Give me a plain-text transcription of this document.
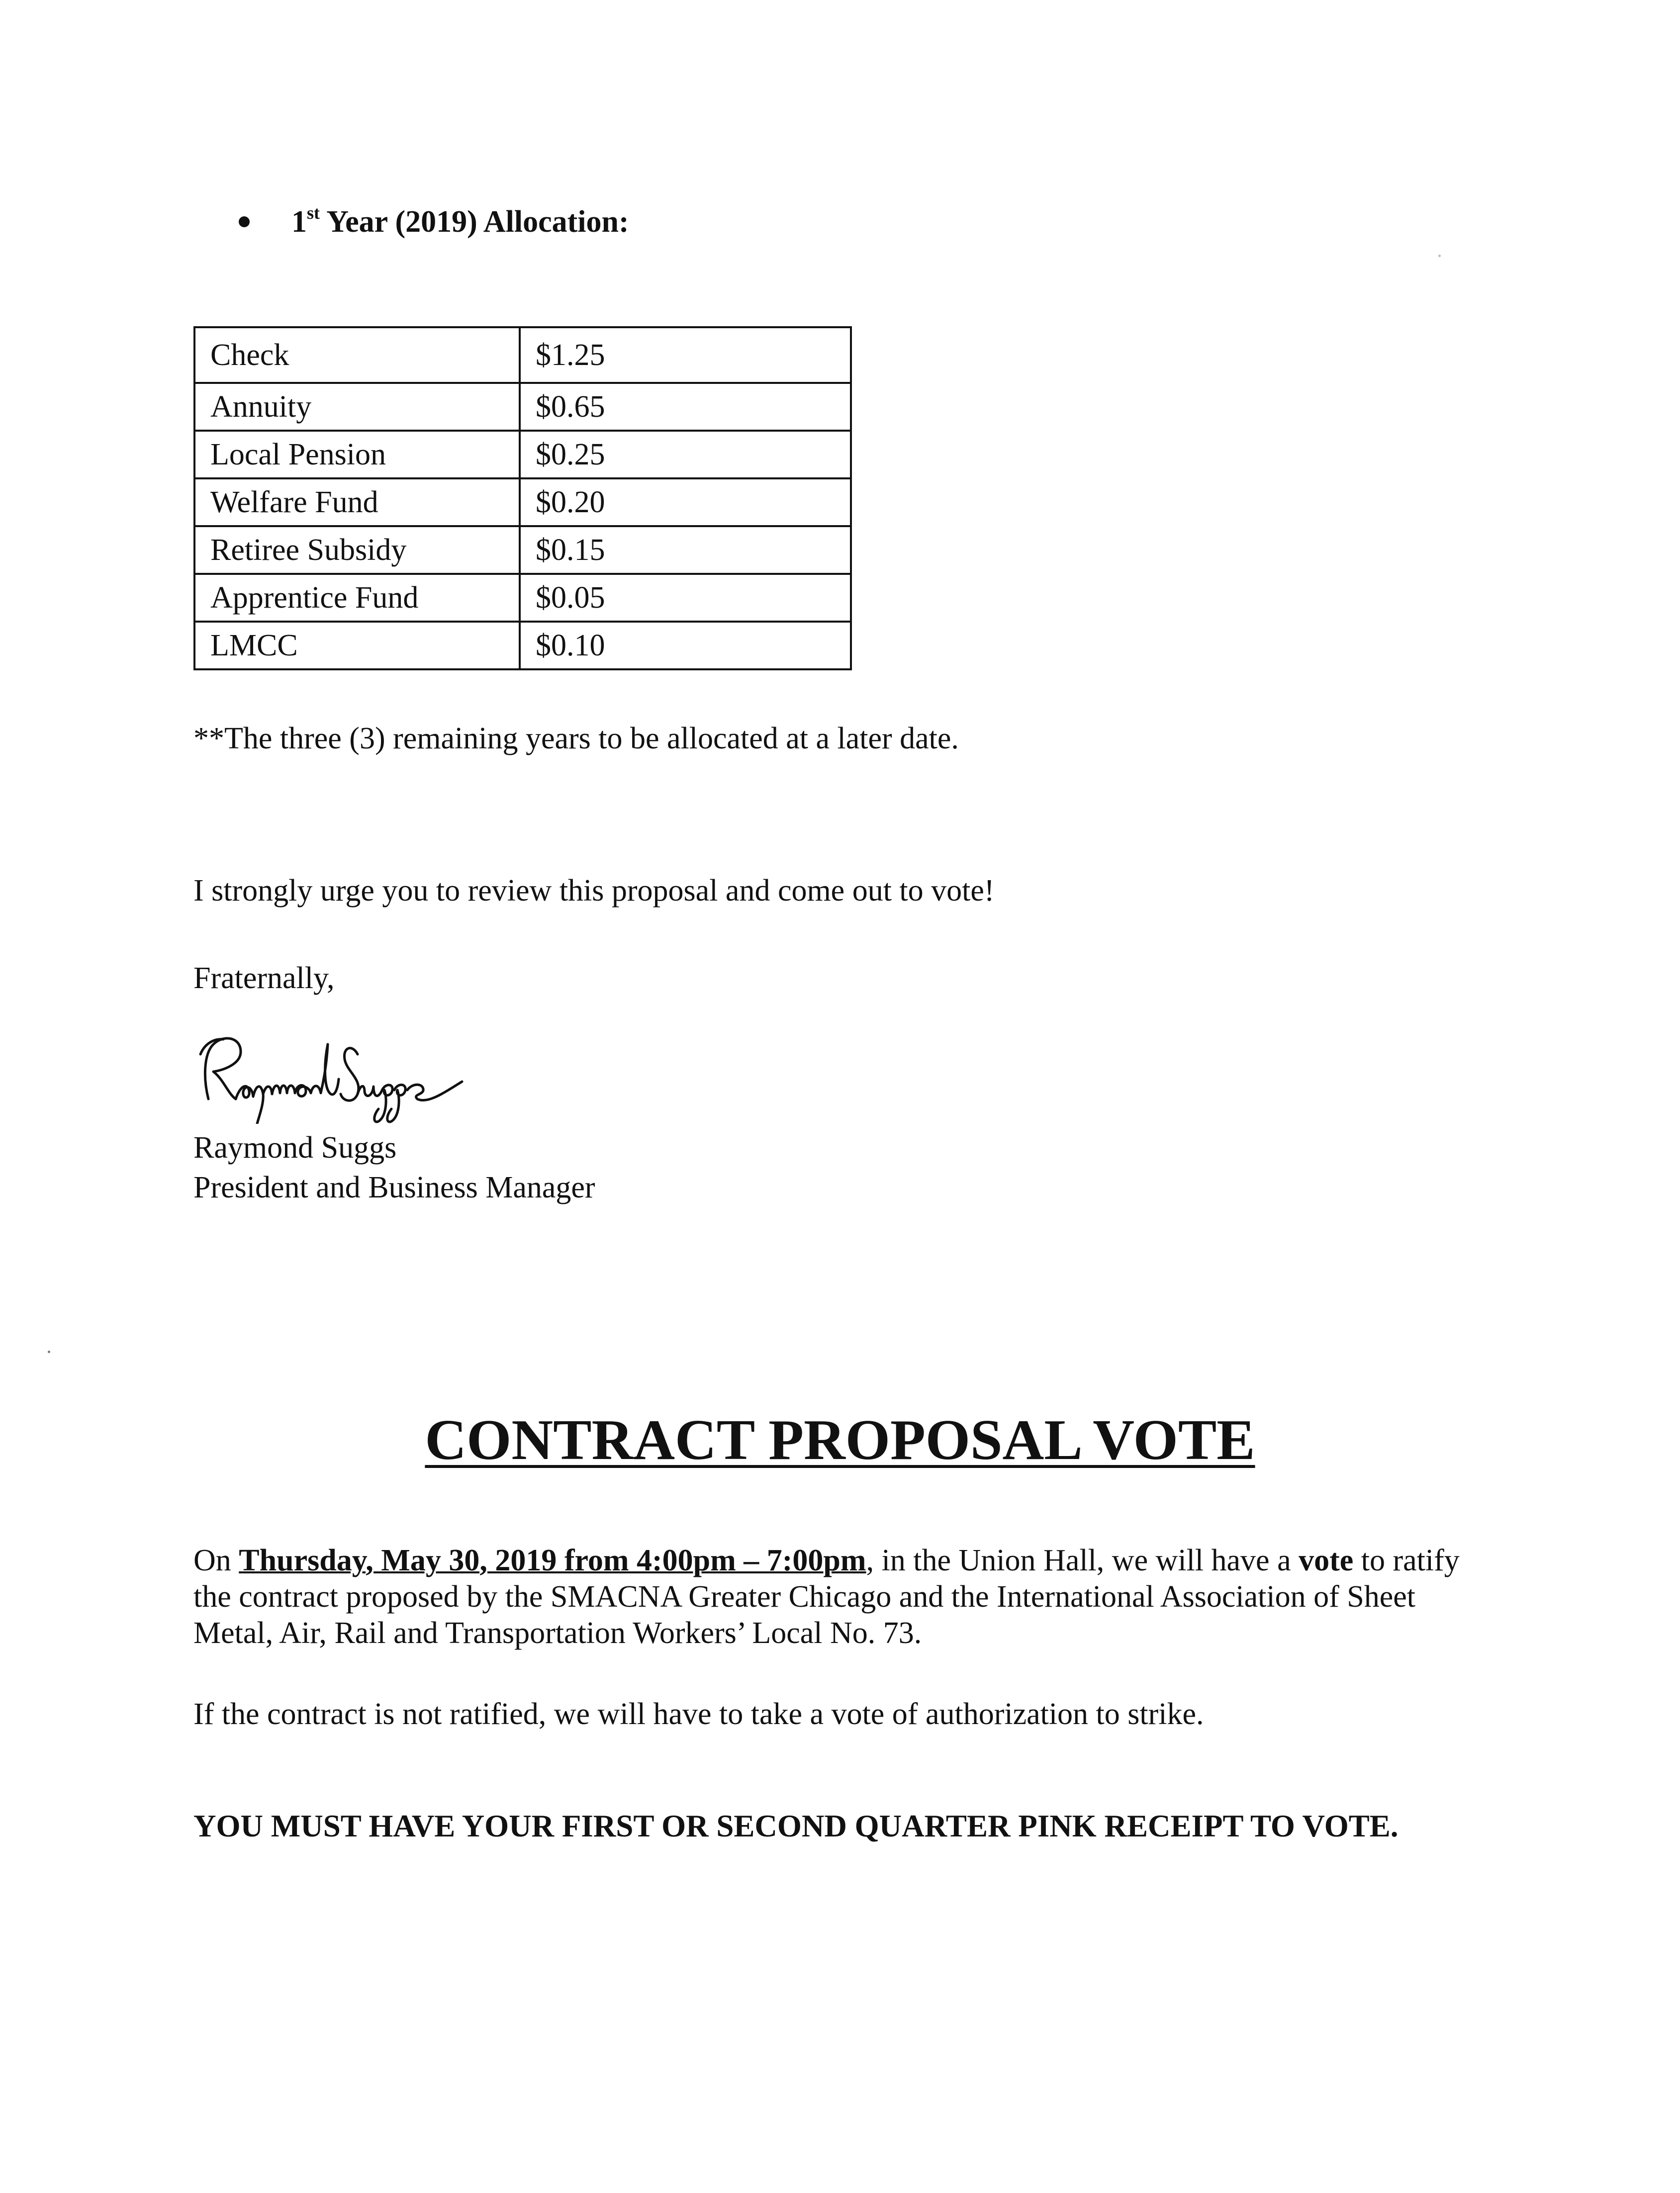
1st Year (2019) Allocation:
Check	$1.25
Annuity	$0.65
Local Pension	$0.25
Welfare Fund	$0.20
Retiree Subsidy	$0.15
Apprentice Fund	$0.05
LMCC	$0.10
**The three (3) remaining years to be allocated at a later date.
I strongly urge you to review this proposal and come out to vote!
Fraternally,
Raymond Suggs
President and Business Manager
CONTRACT PROPOSAL VOTE
On Thursday, May 30, 2019 from 4:00pm – 7:00pm, in the Union Hall, we will have a vote to ratify the contract proposed by the SMACNA Greater Chicago and the International Association of Sheet Metal, Air, Rail and Transportation Workers’ Local No. 73.
If the contract is not ratified, we will have to take a vote of authorization to strike.
YOU MUST HAVE YOUR FIRST OR SECOND QUARTER PINK RECEIPT TO VOTE.
